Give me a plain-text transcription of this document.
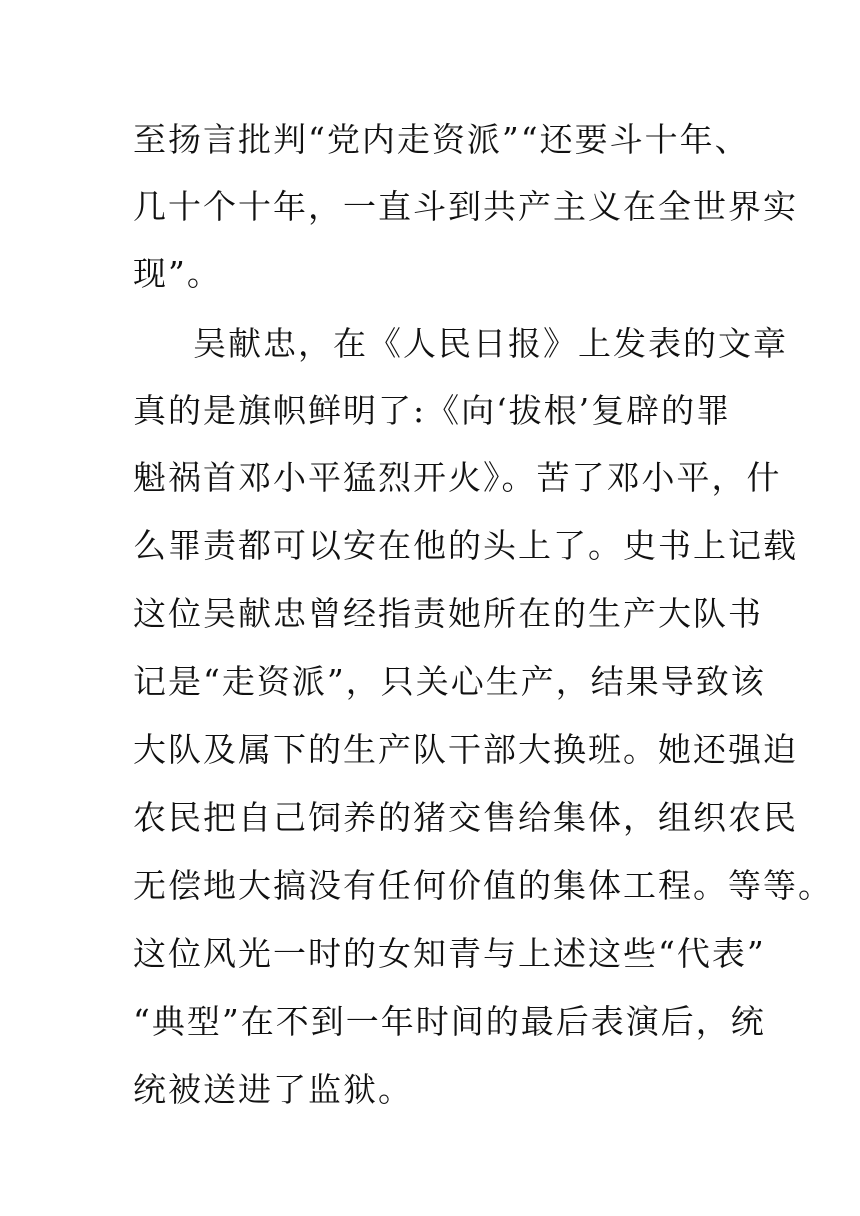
至扬言批判“党内走资派”“还要斗十年、
几十个十年，一直斗到共产主义在全世界实
现”。
吴献忠，在《人民日报》上发表的文章
真的是旗帜鲜明了:《向‘拔根’复辟的罪
魁祸首邓小平猛烈开火》。苦了邓小平，什
么罪责都可以安在他的头上了。史书上记载
这位吴献忠曾经指责她所在的生产大队书
记是“走资派”，只关心生产，结果导致该
大队及属下的生产队干部大换班。她还强迫
农民把自己饲养的猪交售给集体，组织农民
无偿地大搞没有任何价值的集体工程。等等。
这位风光一时的女知青与上述这些“代表”
“典型”在不到一年时间的最后表演后，统
统被送进了监狱。
